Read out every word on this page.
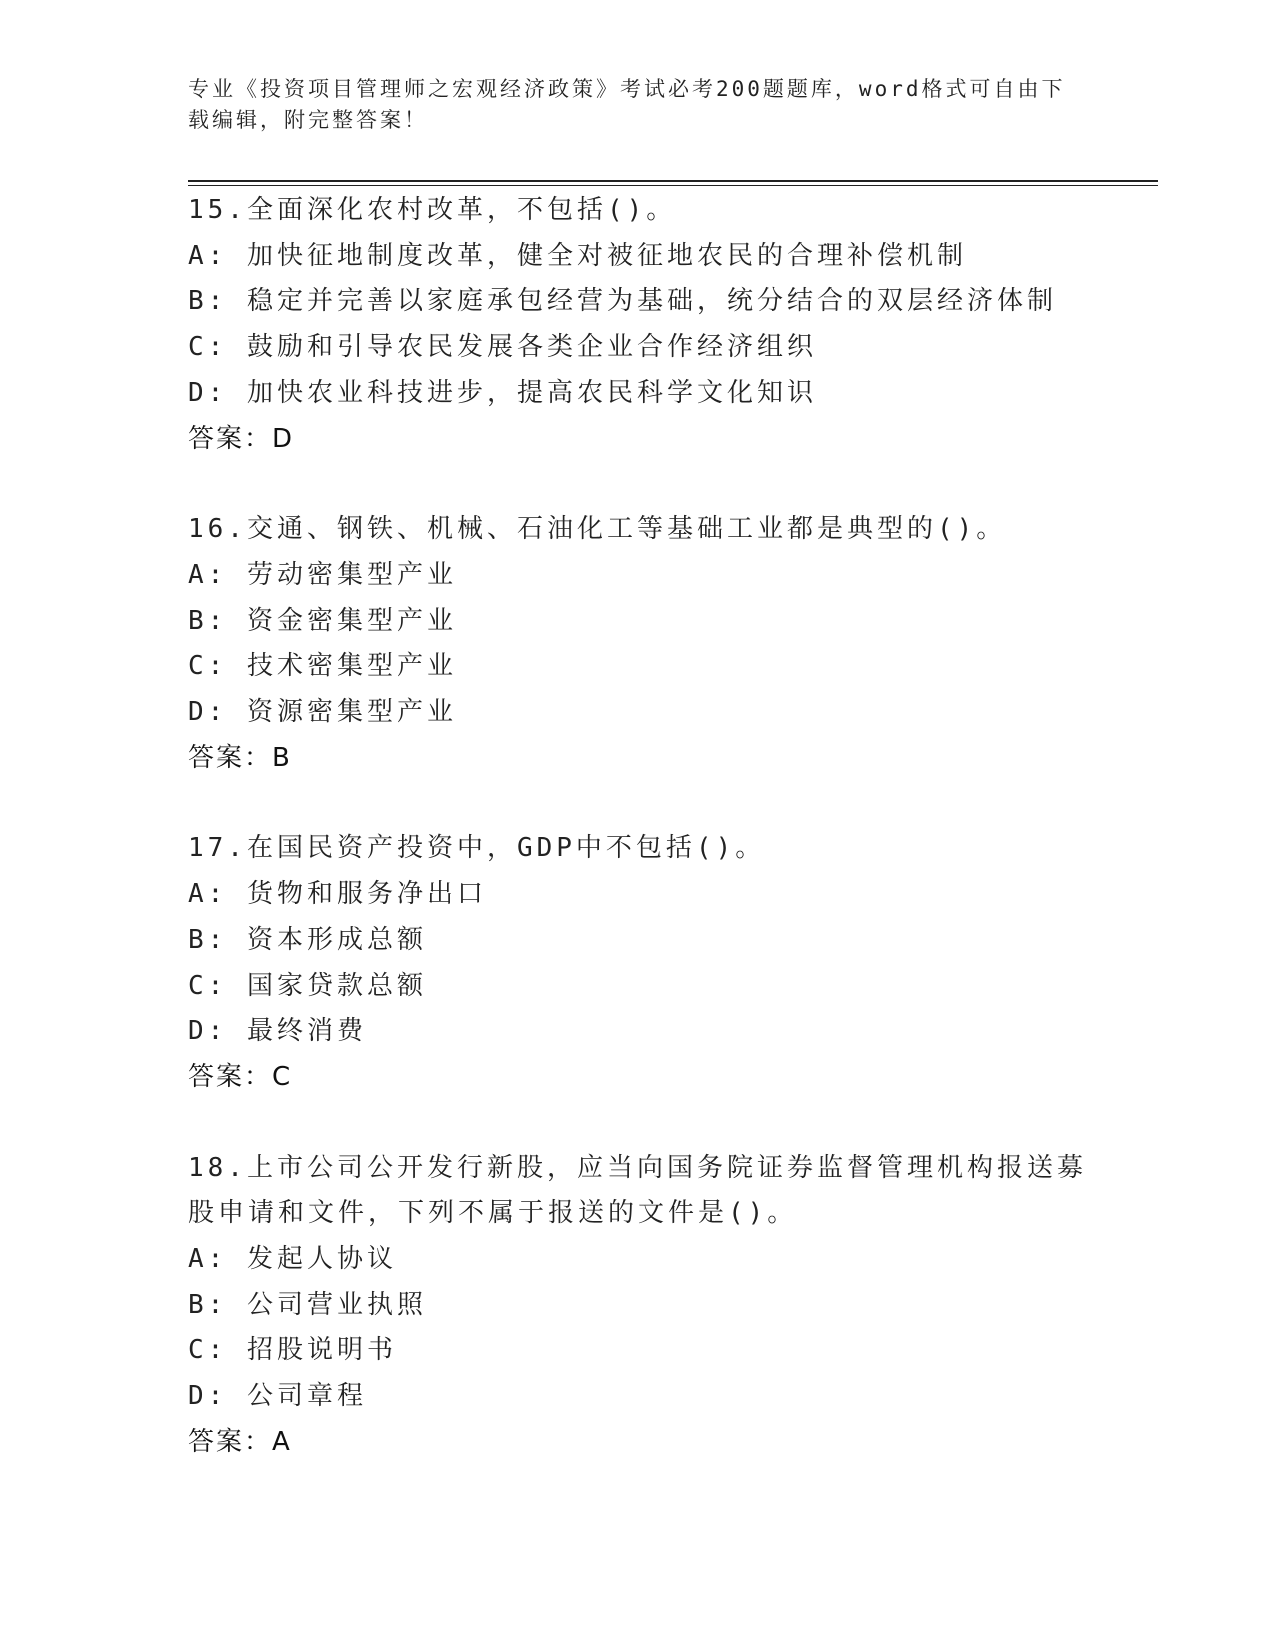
专业《投资项目管理师之宏观经济政策》考试必考200题题库，word格式可自由下载编辑，附完整答案！
15.全面深化农村改革，不包括()。
A: 加快征地制度改革，健全对被征地农民的合理补偿机制
B: 稳定并完善以家庭承包经营为基础，统分结合的双层经济体制
C: 鼓励和引导农民发展各类企业合作经济组织
D: 加快农业科技进步，提高农民科学文化知识
答案：D
16.交通、钢铁、机械、石油化工等基础工业都是典型的()。
A: 劳动密集型产业
B: 资金密集型产业
C: 技术密集型产业
D: 资源密集型产业
答案：B
17.在国民资产投资中，GDP中不包括()。
A: 货物和服务净出口
B: 资本形成总额
C: 国家贷款总额
D: 最终消费
答案：C
18.上市公司公开发行新股，应当向国务院证券监督管理机构报送募股申请和文件，下列不属于报送的文件是()。
A: 发起人协议
B: 公司营业执照
C: 招股说明书
D: 公司章程
答案：A
